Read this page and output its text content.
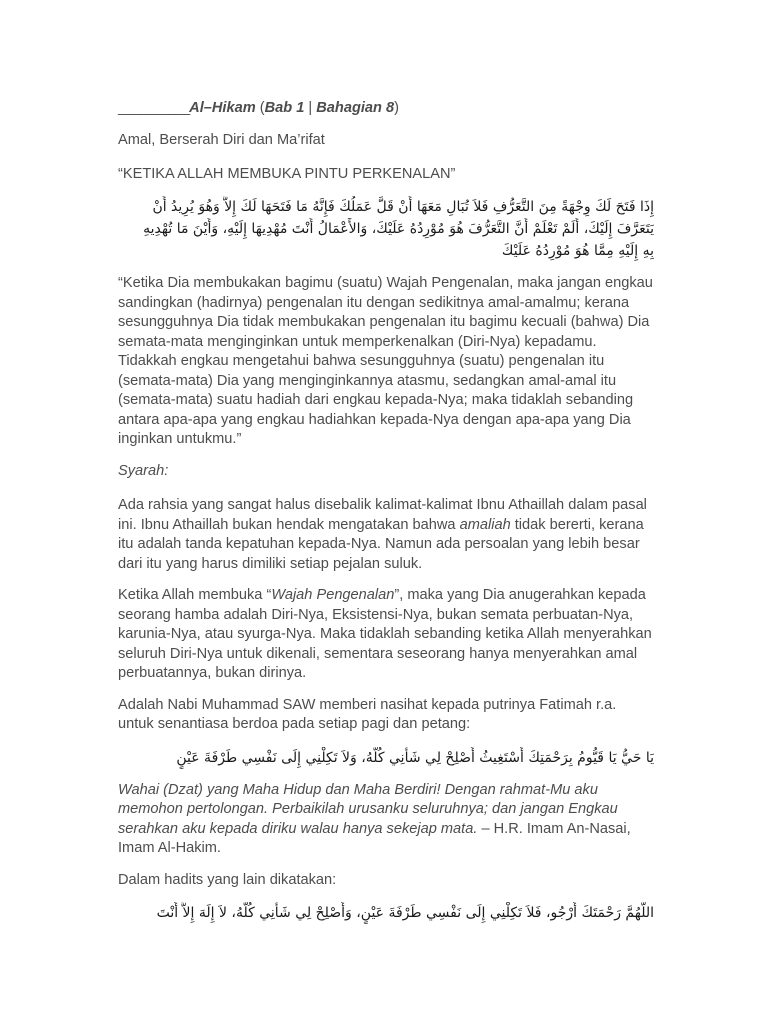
__________Al–Hikam (Bab 1 | Bahagian 8)

Amal, Berserah Diri dan Ma’rifat

“KETIKA ALLAH MEMBUKA PINTU PERKENALAN”

إِذَا فَتَحَ لَكَ وِجْهَةً مِنَ التَّعَرُّفِ فَلاَ تُبَالِ مَعَهَا أَنْ قَلَّ عَمَلُكَ فَإِنَّهُ مَا فَتَحَهَا لَكَ إِلاَّ وَهُوَ يُرِيدُ أَنْ
يَتَعَرَّفَ إِلَيْكَ، أَلَمْ تَعْلَمْ أَنَّ التَّعَرُّفَ هُوَ مُوْرِدُهُ عَلَيْكَ، وَالأَعْمَالُ أَنْتَ مُهْدِيهَا إِلَيْهِ، وَأَيْنَ مَا تُهْدِيهِ
بِهِ إِلَيْهِ مِمَّا هُوَ مُوْرِدُهُ عَلَيْكَ

“Ketika Dia membukakan bagimu (suatu) Wajah Pengenalan, maka jangan engkau sandingkan (hadirnya) pengenalan itu dengan sedikitnya amal-amalmu; kerana sesungguhnya Dia tidak membukakan pengenalan itu bagimu kecuali (bahwa) Dia semata-mata menginginkan untuk memperkenalkan (Diri-Nya) kepadamu.

Tidakkah engkau mengetahui bahwa sesungguhnya (suatu) pengenalan itu (semata-mata) Dia yang menginginkannya atasmu, sedangkan amal-amal itu (semata-mata) suatu hadiah dari engkau kepada-Nya; maka tidaklah sebanding antara apa-apa yang engkau hadiahkan kepada-Nya dengan apa-apa yang Dia inginkan untukmu.”

Syarah:

Ada rahsia yang sangat halus disebalik kalimat-kalimat Ibnu Athaillah dalam pasal ini. Ibnu Athaillah bukan hendak mengatakan bahwa amaliah tidak bererti, kerana itu adalah tanda kepatuhan kepada-Nya. Namun ada persoalan yang lebih besar dari itu yang harus dimiliki setiap pejalan suluk.

Ketika Allah membuka “Wajah Pengenalan”, maka yang Dia anugerahkan kepada seorang hamba adalah Diri-Nya, Eksistensi-Nya, bukan semata perbuatan-Nya, karunia-Nya, atau syurga-Nya. Maka tidaklah sebanding ketika Allah menyerahkan seluruh Diri-Nya untuk dikenali, sementara seseorang hanya menyerahkan amal perbuatannya, bukan dirinya.

Adalah Nabi Muhammad SAW memberi nasihat kepada putrinya Fatimah r.a. untuk senantiasa berdoa pada setiap pagi dan petang:

يَا حَيُّ يَا قَيُّومُ بِرَحْمَتِكَ أَسْتَغِيثُ أَصْلِحْ لِي شَأْنِي كُلَّهُ، وَلاَ تَكِلْنِي إِلَى نَفْسِي طَرْفَةَ عَيْنٍ

Wahai (Dzat) yang Maha Hidup dan Maha Berdiri! Dengan rahmat-Mu aku memohon pertolongan. Perbaikilah urusanku seluruhnya; dan jangan Engkau serahkan aku kepada diriku walau hanya sekejap mata. – H.R. Imam An-Nasai, Imam Al-Hakim.

Dalam hadits yang lain dikatakan:

اللَّهُمَّ رَحْمَتَكَ أَرْجُو، فَلاَ تَكِلْنِي إِلَى نَفْسِي طَرْفَةَ عَيْنٍ، وَأَصْلِحْ لِي شَأْنِي كُلَّهُ، لاَ إِلَهَ إِلاَّ أَنْتَ
